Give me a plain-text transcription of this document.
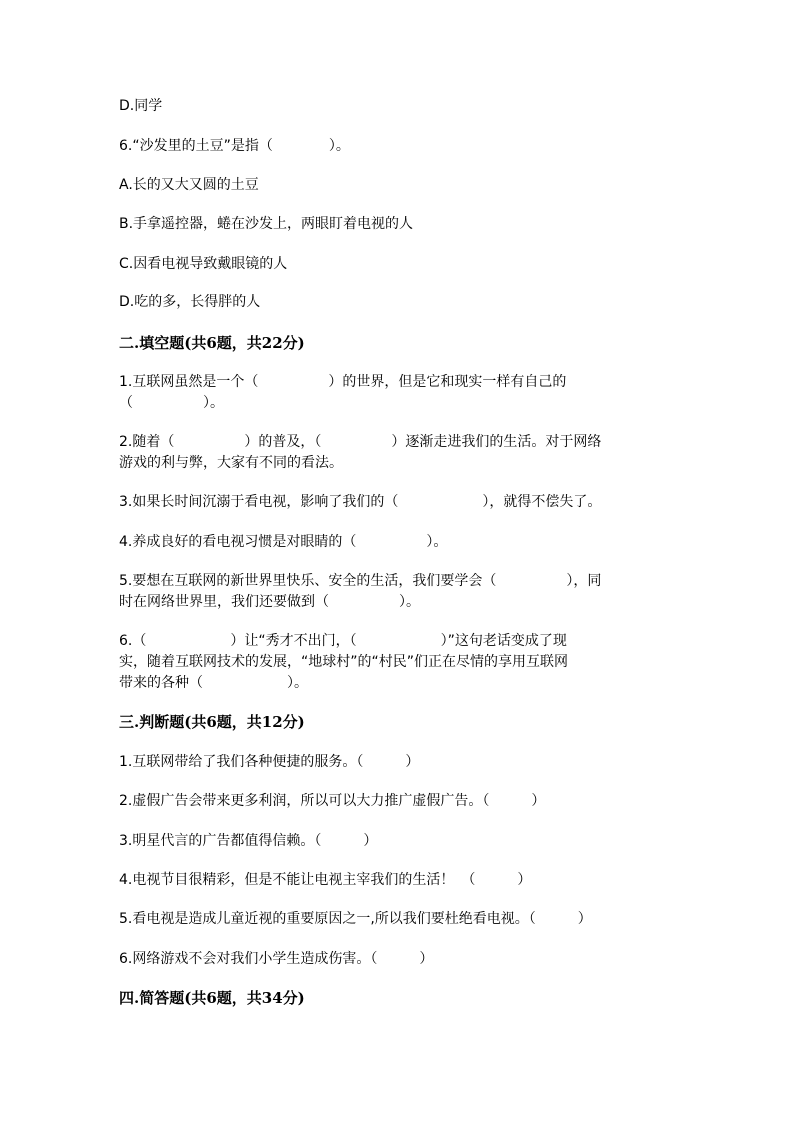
D.同学
6.“沙发里的土豆”是指（　　　　）。
A.长的又大又圆的土豆
B.手拿遥控器，蜷在沙发上，两眼盯着电视的人
C.因看电视导致戴眼镜的人
D.吃的多，长得胖的人
二.填空题(共6题，共22分)
1.互联网虽然是一个（　　　　　）的世界，但是它和现实一样有自己的
（　　　　　）。
2.随着（　　　　　）的普及，（　　　　　）逐渐走进我们的生活。对于网络
游戏的利与弊，大家有不同的看法。
3.如果长时间沉溺于看电视，影响了我们的（　　　　　　），就得不偿失了。
4.养成良好的看电视习惯是对眼睛的（　　　　　）。
5.要想在互联网的新世界里快乐、安全的生活，我们要学会（　　　　　），同
时在网络世界里，我们还要做到（　　　　　）。
6.（　　　　　　）让“秀才不出门，（　　　　　　）”这句老话变成了现
实，随着互联网技术的发展，“地球村”的“村民”们正在尽情的享用互联网
带来的各种（　　　　　　）。
三.判断题(共6题，共12分)
1.互联网带给了我们各种便捷的服务。（　　　）
2.虚假广告会带来更多利润，所以可以大力推广虚假广告。（　　　）
3.明星代言的广告都值得信赖。（　　　）
4.电视节目很精彩，但是不能让电视主宰我们的生活！　（　　　）
5.看电视是造成儿童近视的重要原因之一,所以我们要杜绝看电视。（　　　）
6.网络游戏不会对我们小学生造成伤害。（　　　）
四.简答题(共6题，共34分)
